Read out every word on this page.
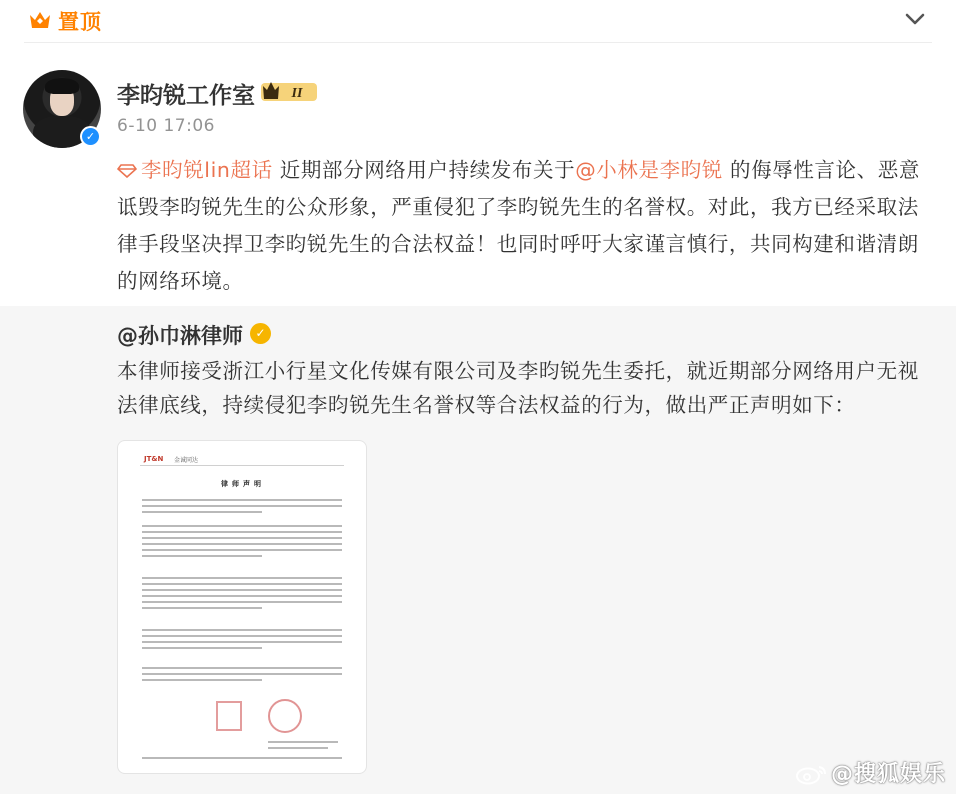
置顶
✓
李昀锐工作室	II
6-10 17:06
李昀锐lin超话 近期部分网络用户持续发布关于@小林是李昀锐 的侮辱性言论、恶意诋毁李昀锐先生的公众形象，严重侵犯了李昀锐先生的名誉权。对此，我方已经采取法律手段坚决捍卫李昀锐先生的合法权益！也同时呼吁大家谨言慎行，共同构建和谐清朗的网络环境。
@孙巾淋律师	✓
本律师接受浙江小行星文化传媒有限公司及李昀锐先生委托，就近期部分网络用户无视法律底线，持续侵犯李昀锐先生名誉权等合法权益的行为，做出严正声明如下：
JT&N 金诚同达
律师声明
@搜狐娱乐
